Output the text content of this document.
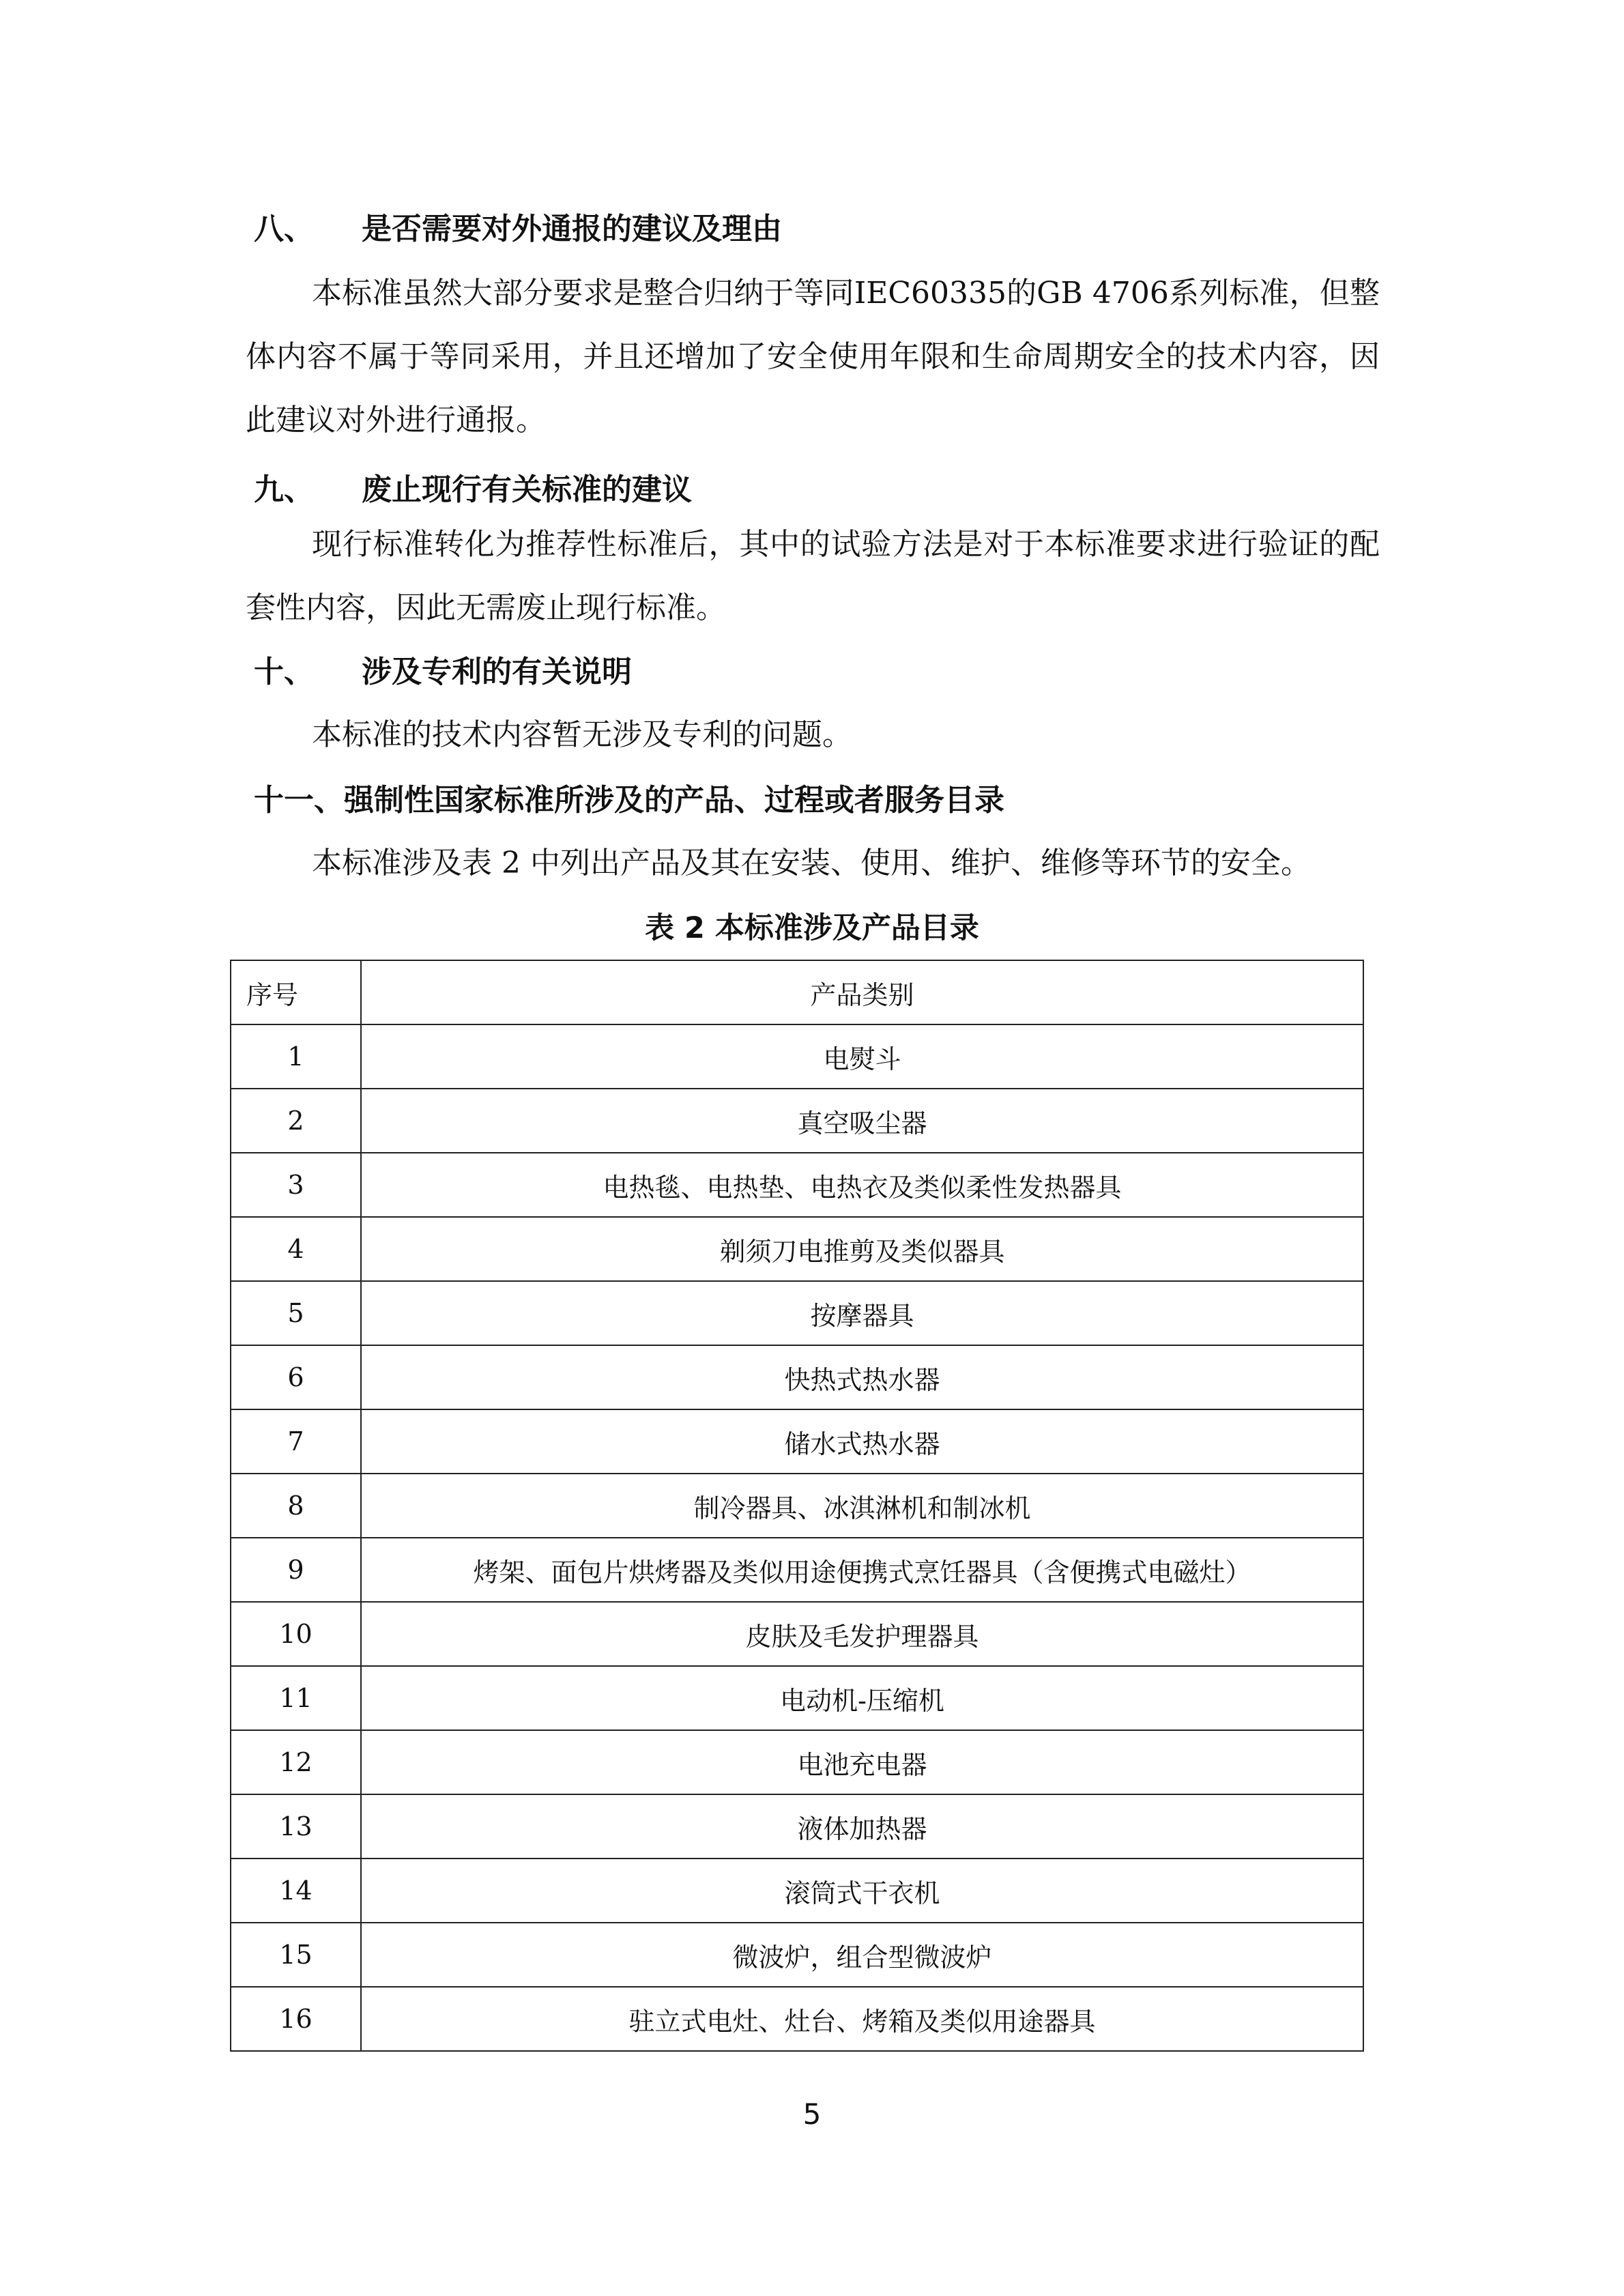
八、 是否需要对外通报的建议及理由

本标准虽然大部分要求是整合归纳于等同IEC60335的GB 4706系列标准，但整体内容不属于等同采用，并且还增加了安全使用年限和生命周期安全的技术内容，因此建议对外进行通报。

九、 废止现行有关标准的建议

现行标准转化为推荐性标准后，其中的试验方法是对于本标准要求进行验证的配套性内容，因此无需废止现行标准。

十、 涉及专利的有关说明

本标准的技术内容暂无涉及专利的问题。

十一、强制性国家标准所涉及的产品、过程或者服务目录

本标准涉及表 2 中列出产品及其在安装、使用、维护、维修等环节的安全。

表 2 本标准涉及产品目录
序号	产品类别
1	电熨斗
2	真空吸尘器
3	电热毯、电热垫、电热衣及类似柔性发热器具
4	剃须刀电推剪及类似器具
5	按摩器具
6	快热式热水器
7	储水式热水器
8	制冷器具、冰淇淋机和制冰机
9	烤架、面包片烘烤器及类似用途便携式烹饪器具（含便携式电磁灶）
10	皮肤及毛发护理器具
11	电动机-压缩机
12	电池充电器
13	液体加热器
14	滚筒式干衣机
15	微波炉，组合型微波炉
16	驻立式电灶、灶台、烤箱及类似用途器具
5
